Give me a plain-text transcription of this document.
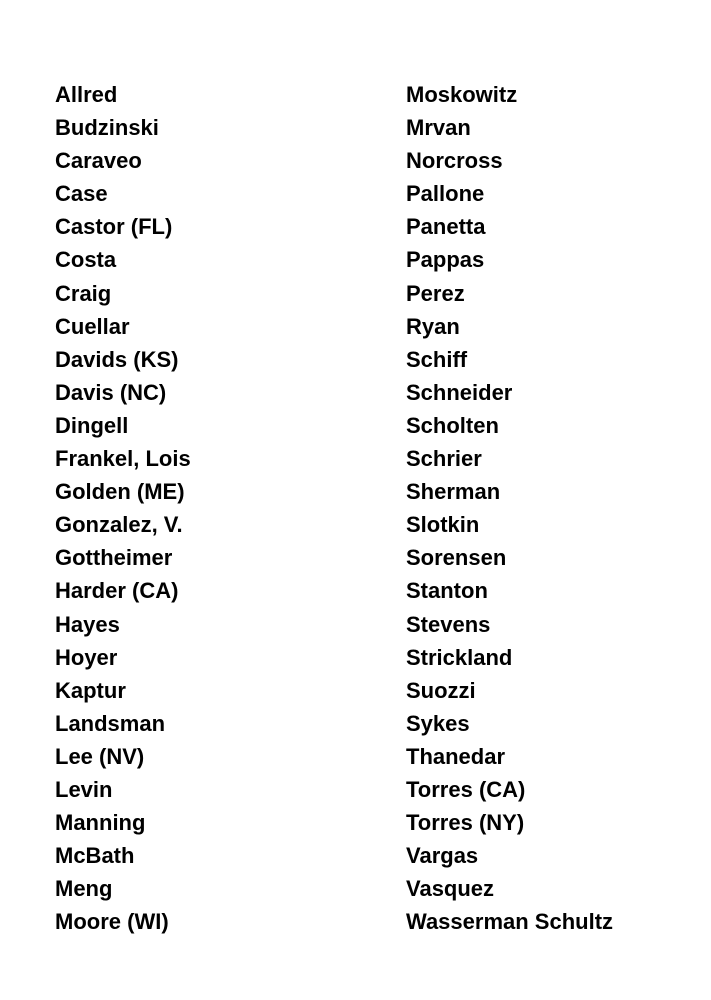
Allred
Budzinski
Caraveo
Case
Castor (FL)
Costa
Craig
Cuellar
Davids (KS)
Davis (NC)
Dingell
Frankel, Lois
Golden (ME)
Gonzalez, V.
Gottheimer
Harder (CA)
Hayes
Hoyer
Kaptur
Landsman
Lee (NV)
Levin
Manning
McBath
Meng
Moore (WI)
Moskowitz
Mrvan
Norcross
Pallone
Panetta
Pappas
Perez
Ryan
Schiff
Schneider
Scholten
Schrier
Sherman
Slotkin
Sorensen
Stanton
Stevens
Strickland
Suozzi
Sykes
Thanedar
Torres (CA)
Torres (NY)
Vargas
Vasquez
Wasserman Schultz
